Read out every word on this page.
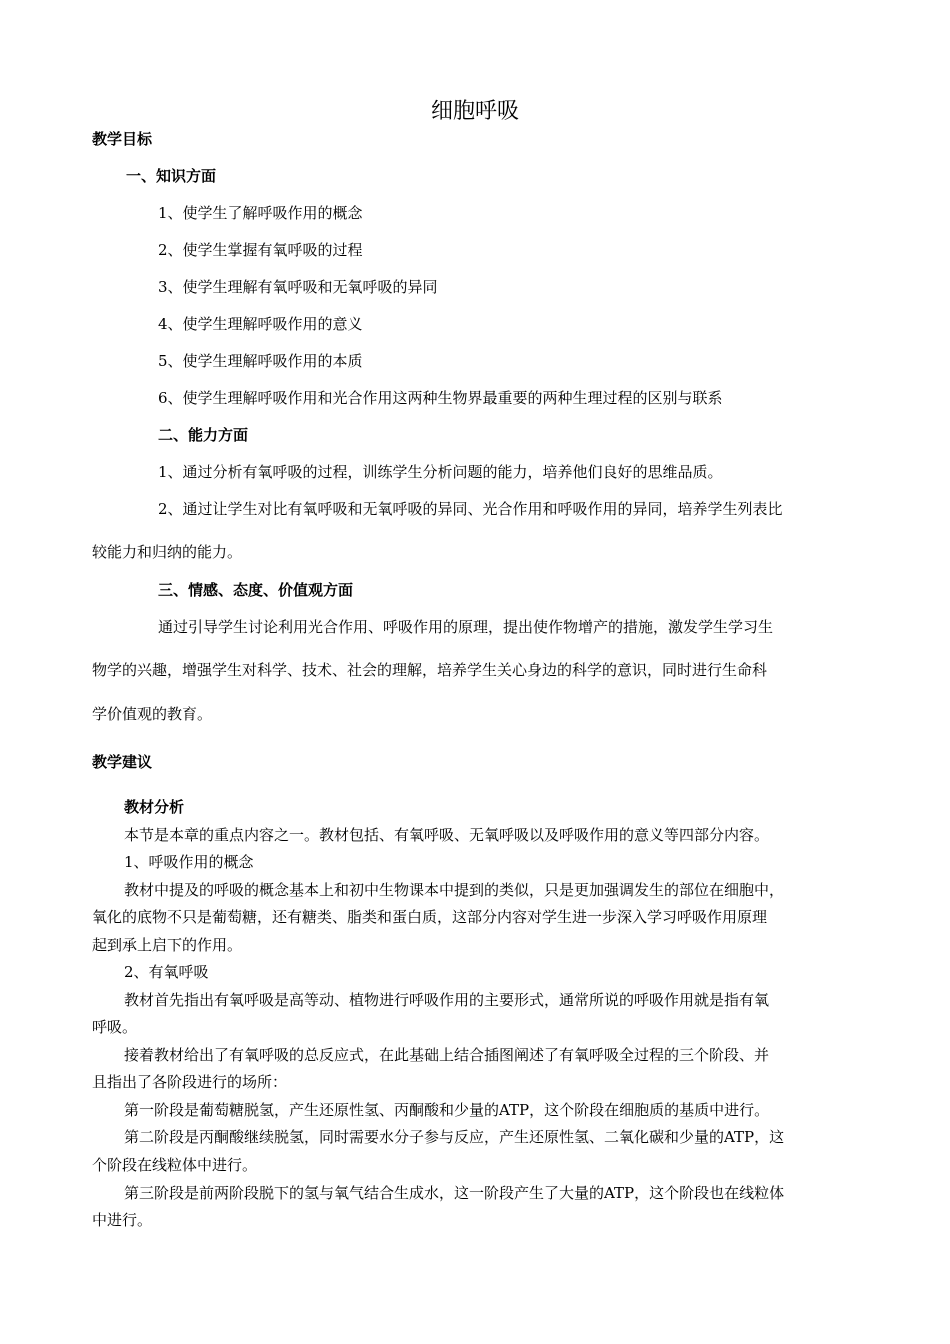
细胞呼吸
教学目标
一、知识方面
1、使学生了解呼吸作用的概念
2、使学生掌握有氧呼吸的过程
3、使学生理解有氧呼吸和无氧呼吸的异同
4、使学生理解呼吸作用的意义
5、使学生理解呼吸作用的本质
6、使学生理解呼吸作用和光合作用这两种生物界最重要的两种生理过程的区别与联系
二、能力方面
1、通过分析有氧呼吸的过程，训练学生分析问题的能力，培养他们良好的思维品质。
2、通过让学生对比有氧呼吸和无氧呼吸的异同、光合作用和呼吸作用的异同，培养学生列表比
较能力和归纳的能力。
三、情感、态度、价值观方面
通过引导学生讨论利用光合作用、呼吸作用的原理，提出使作物增产的措施，激发学生学习生
物学的兴趣，增强学生对科学、技术、社会的理解，培养学生关心身边的科学的意识，同时进行生命科
学价值观的教育。
教学建议
教材分析
本节是本章的重点内容之一。教材包括、有氧呼吸、无氧呼吸以及呼吸作用的意义等四部分内容。
1、呼吸作用的概念
教材中提及的呼吸的概念基本上和初中生物课本中提到的类似，只是更加强调发生的部位在细胞中，
氧化的底物不只是葡萄糖，还有糖类、脂类和蛋白质，这部分内容对学生进一步深入学习呼吸作用原理
起到承上启下的作用。
2、有氧呼吸
教材首先指出有氧呼吸是高等动、植物进行呼吸作用的主要形式，通常所说的呼吸作用就是指有氧
呼吸。
接着教材给出了有氧呼吸的总反应式，在此基础上结合插图阐述了有氧呼吸全过程的三个阶段、并
且指出了各阶段进行的场所：
第一阶段是葡萄糖脱氢，产生还原性氢、丙酮酸和少量的ATP，这个阶段在细胞质的基质中进行。
第二阶段是丙酮酸继续脱氢，同时需要水分子参与反应，产生还原性氢、二氧化碳和少量的ATP，这
个阶段在线粒体中进行。
第三阶段是前两阶段脱下的氢与氧气结合生成水，这一阶段产生了大量的ATP，这个阶段也在线粒体
中进行。
